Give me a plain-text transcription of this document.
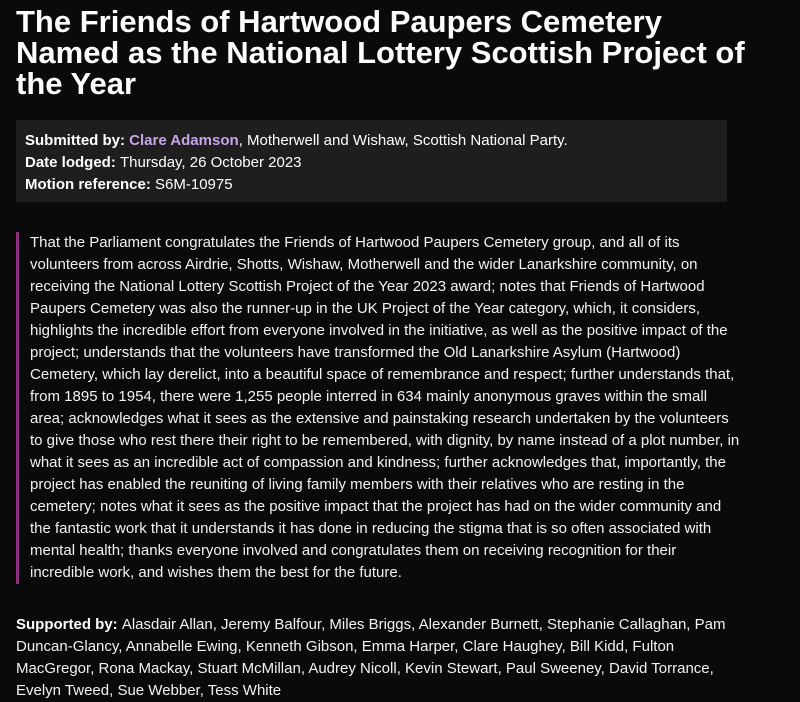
The Friends of Hartwood Paupers Cemetery Named as the National Lottery Scottish Project of the Year
Submitted by: Clare Adamson, Motherwell and Wishaw, Scottish National Party.
Date lodged: Thursday, 26 October 2023
Motion reference: S6M-10975

That the Parliament congratulates the Friends of Hartwood Paupers Cemetery group, and all of its volunteers from across Airdrie, Shotts, Wishaw, Motherwell and the wider Lanarkshire community, on receiving the National Lottery Scottish Project of the Year 2023 award; notes that Friends of Hartwood Paupers Cemetery was also the runner-up in the UK Project of the Year category, which, it considers, highlights the incredible effort from everyone involved in the initiative, as well as the positive impact of the project; understands that the volunteers have transformed the Old Lanarkshire Asylum (Hartwood) Cemetery, which lay derelict, into a beautiful space of remembrance and respect; further understands that, from 1895 to 1954, there were 1,255 people interred in 634 mainly anonymous graves within the small area; acknowledges what it sees as the extensive and painstaking research undertaken by the volunteers to give those who rest there their right to be remembered, with dignity, by name instead of a plot number, in what it sees as an incredible act of compassion and kindness; further acknowledges that, importantly, the project has enabled the reuniting of living family members with their relatives who are resting in the cemetery; notes what it sees as the positive impact that the project has had on the wider community and the fantastic work that it understands it has done in reducing the stigma that is so often associated with mental health; thanks everyone involved and congratulates them on receiving recognition for their incredible work, and wishes them the best for the future.

Supported by: Alasdair Allan, Jeremy Balfour, Miles Briggs, Alexander Burnett, Stephanie Callaghan, Pam Duncan-Glancy, Annabelle Ewing, Kenneth Gibson, Emma Harper, Clare Haughey, Bill Kidd, Fulton MacGregor, Rona Mackay, Stuart McMillan, Audrey Nicoll, Kevin Stewart, Paul Sweeney, David Torrance, Evelyn Tweed, Sue Webber, Tess White
